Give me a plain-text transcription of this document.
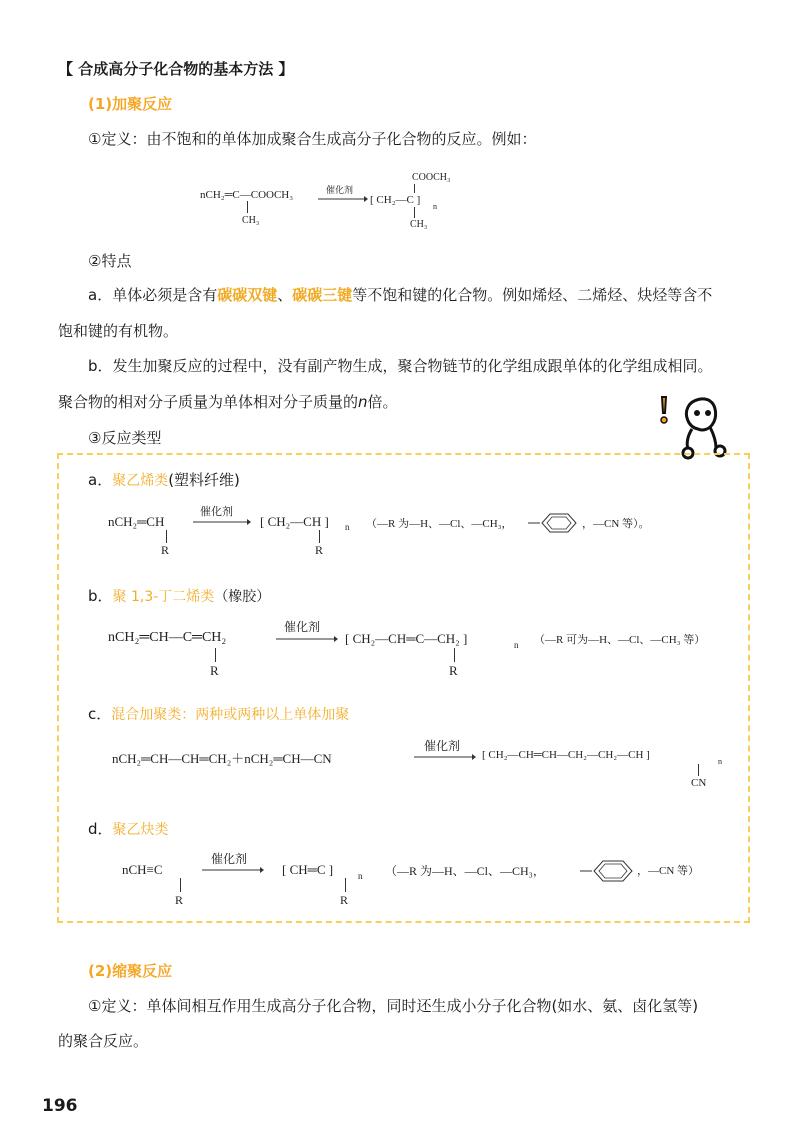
【 合成高分子化合物的基本方法 】
(1)加聚反应
①定义：由不饱和的单体加成聚合生成高分子化合物的反应。例如：
nCH₂═C—COOCH₃
CH₃
催化剂
COOCH₃
[ CH₂—C ]
n
CH₃
②特点
a．单体必须是含有碳碳双键、碳碳三键等不饱和键的化合物。例如烯烃、二烯烃、炔烃等含不
饱和键的有机物。
b．发生加聚反应的过程中，没有副产物生成，聚合物链节的化学组成跟单体的化学组成相同。
聚合物的相对分子质量为单体相对分子质量的n倍。
③反应类型
a．聚乙烯类(塑料纤维)
nCH₂═CH
R
催化剂
[ CH₂—CH ] n
R
（—R 为—H、—Cl、—CH₃，	，—CN 等）。
b．聚 1,3-丁二烯类（橡胶）
nCH₂═CH—C═CH₂
R
催化剂
[ CH₂—CH═C—CH₂ ]	n
R
（—R 可为—H、—Cl、—CH₃ 等）
c．混合加聚类：两种或两种以上单体加聚
nCH₂═CH—CH═CH₂＋nCH₂═CH—CN
催化剂
[ CH₂—CH═CH—CH₂—CH₂—CH ]
n
CN
d．聚乙炔类
nCH≡C
R
催化剂
[ CH═C ]	n
R
（—R 为—H、—Cl、—CH₃，	，—CN 等）
(2)缩聚反应
①定义：单体间相互作用生成高分子化合物，同时还生成小分子化合物(如水、氨、卤化氢等)
的聚合反应。
196
